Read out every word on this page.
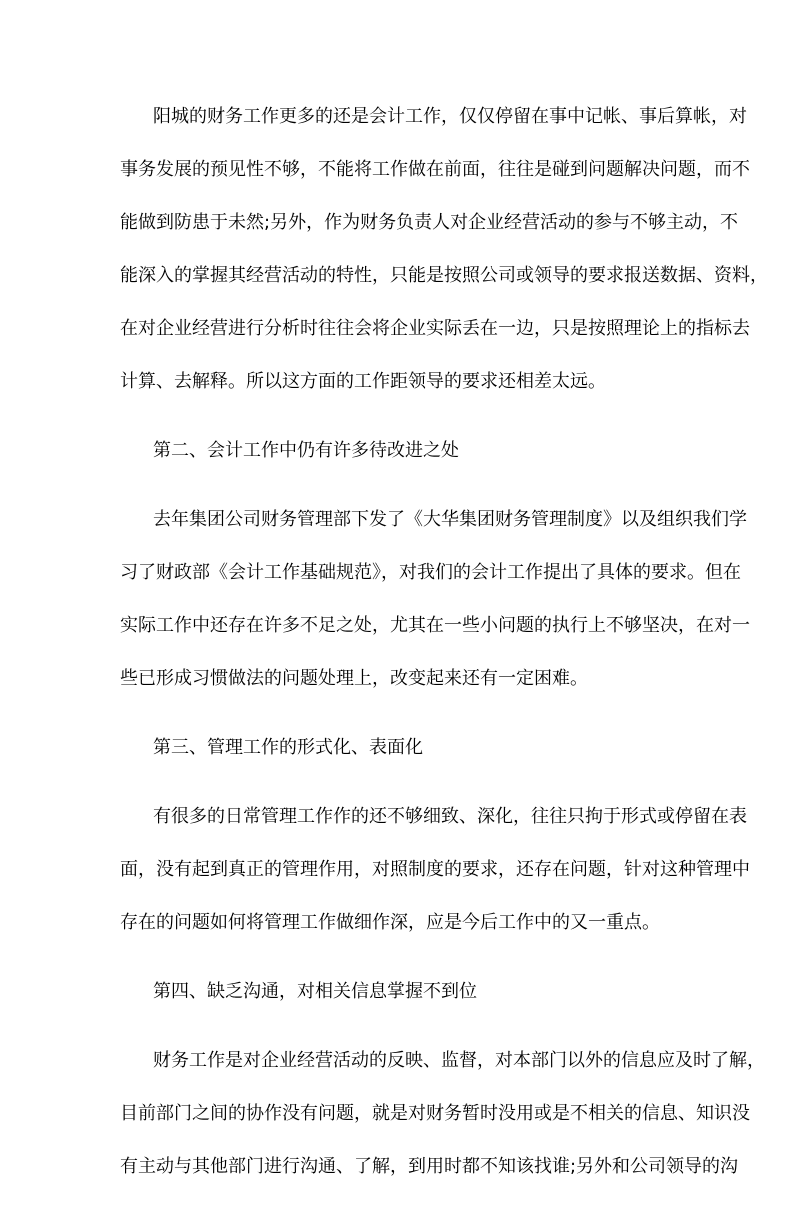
阳城的财务工作更多的还是会计工作，仅仅停留在事中记帐、事后算帐，对
事务发展的预见性不够，不能将工作做在前面，往往是碰到问题解决问题，而不
能做到防患于未然;另外，作为财务负责人对企业经营活动的参与不够主动，不
能深入的掌握其经营活动的特性，只能是按照公司或领导的要求报送数据、资料，
在对企业经营进行分析时往往会将企业实际丢在一边，只是按照理论上的指标去
计算、去解释。所以这方面的工作距领导的要求还相差太远。
第二、会计工作中仍有许多待改进之处
去年集团公司财务管理部下发了《大华集团财务管理制度》以及组织我们学
习了财政部《会计工作基础规范》，对我们的会计工作提出了具体的要求。但在
实际工作中还存在许多不足之处，尤其在一些小问题的执行上不够坚决，在对一
些已形成习惯做法的问题处理上，改变起来还有一定困难。
第三、管理工作的形式化、表面化
有很多的日常管理工作作的还不够细致、深化，往往只拘于形式或停留在表
面，没有起到真正的管理作用，对照制度的要求，还存在问题，针对这种管理中
存在的问题如何将管理工作做细作深，应是今后工作中的又一重点。
第四、缺乏沟通，对相关信息掌握不到位
财务工作是对企业经营活动的反映、监督，对本部门以外的信息应及时了解，
目前部门之间的协作没有问题，就是对财务暂时没用或是不相关的信息、知识没
有主动与其他部门进行沟通、了解，到用时都不知该找谁;另外和公司领导的沟
